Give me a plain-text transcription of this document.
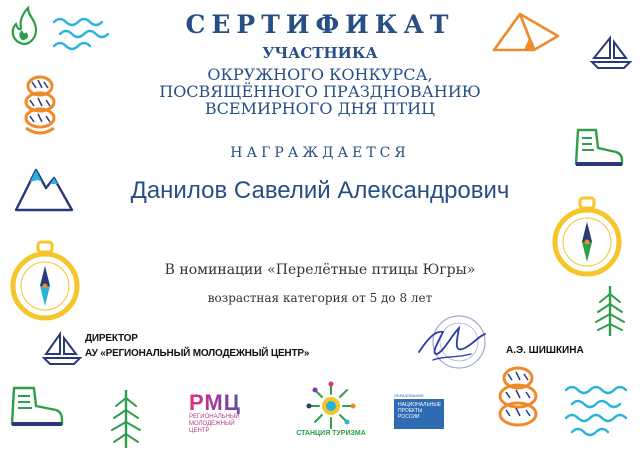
СЕРТИФИКАТ
УЧАСТНИКА
ОКРУЖНОГО КОНКУРСА,
ПОСВЯЩЁННОГО ПРАЗДНОВАНИЮ
ВСЕМИРНОГО ДНЯ ПТИЦ
НАГРАЖДАЕТСЯ
Данилов Савелий Александрович
В номинации «Перелётные птицы Югры»
возрастная категория от 5 до 8 лет
ДИРЕКТОР
АУ «РЕГИОНАЛЬНЫЙ МОЛОДЕЖНЫЙ ЦЕНТР»	А.Э. ШИШКИНА
РМЦ
РЕГИОНАЛЬНЫЙ
МОЛОДЕЖНЫЙ
ЦЕНТР	СТАНЦИЯ ТУРИЗМА
ОБРАЗОВАНИЕ
НАЦИОНАЛЬНЫЕ
ПРОЕКТЫ
РОССИИ
